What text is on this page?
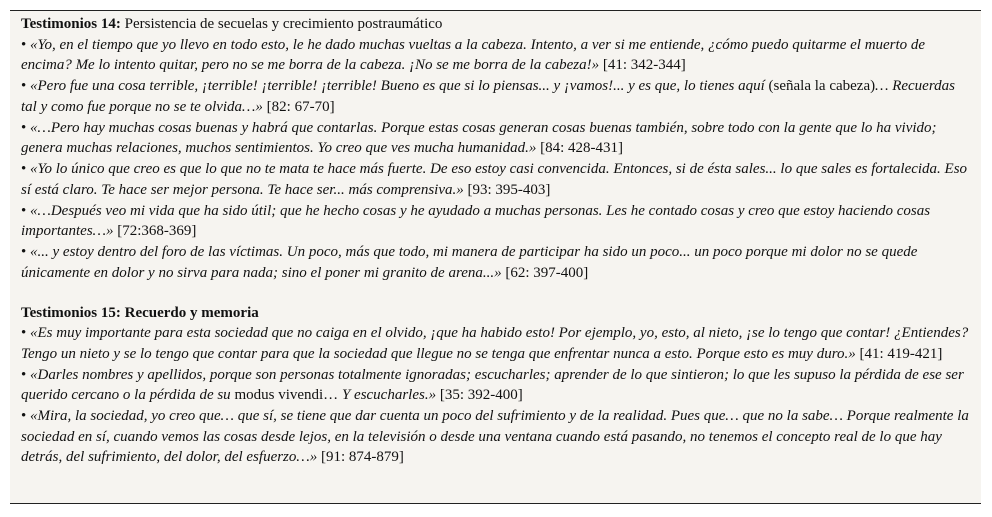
Testimonios 14: Persistencia de secuelas y crecimiento postraumático

• «Yo, en el tiempo que yo llevo en todo esto, le he dado muchas vueltas a la cabeza. Intento, a ver si me entiende, ¿cómo puedo quitarme el muerto de encima? Me lo intento quitar, pero no se me borra de la cabeza. ¡No se me borra de la cabeza!» [41: 342-344]

• «Pero fue una cosa terrible, ¡terrible! ¡terrible! ¡terrible! Bueno es que si lo piensas... y ¡vamos!... y es que, lo tienes aquí (señala la cabeza)… Recuerdas tal y como fue porque no se te olvida…» [82: 67-70]

• «…Pero hay muchas cosas buenas y habrá que contarlas. Porque estas cosas generan cosas buenas también, sobre todo con la gente que lo ha vivido; genera muchas relaciones, muchos sentimientos. Yo creo que ves mucha humanidad.» [84: 428-431]

• «Yo lo único que creo es que lo que no te mata te hace más fuerte. De eso estoy casi convencida. Entonces, si de ésta sales... lo que sales es fortalecida. Eso sí está claro. Te hace ser mejor persona. Te hace ser... más comprensiva.» [93: 395-403]

• «…Después veo mi vida que ha sido útil; que he hecho cosas y he ayudado a muchas personas. Les he contado cosas y creo que estoy haciendo cosas importantes…» [72:368-369]

• «... y estoy dentro del foro de las víctimas. Un poco, más que todo, mi manera de participar ha sido un poco... un poco porque mi dolor no se quede únicamente en dolor y no sirva para nada; sino el poner mi granito de arena...» [62: 397-400]

Testimonios 15: Recuerdo y memoria

• «Es muy importante para esta sociedad que no caiga en el olvido, ¡que ha habido esto! Por ejemplo, yo, esto, al nieto, ¡se lo tengo que contar! ¿Entiendes? Tengo un nieto y se lo tengo que contar para que la sociedad que llegue no se tenga que enfrentar nunca a esto. Porque esto es muy duro.» [41: 419-421]

• «Darles nombres y apellidos, porque son personas totalmente ignoradas; escucharles; aprender de lo que sintieron; lo que les supuso la pérdida de ese ser querido cercano o la pérdida de su modus vivendi… Y escucharles.» [35: 392-400]

• «Mira, la sociedad, yo creo que… que sí, se tiene que dar cuenta un poco del sufrimiento y de la realidad. Pues que… que no la sabe… Porque realmente la sociedad en sí, cuando vemos las cosas desde lejos, en la televisión o desde una ventana cuando está pasando, no tenemos el concepto real de lo que hay detrás, del sufrimiento, del dolor, del esfuerzo…» [91: 874-879]
